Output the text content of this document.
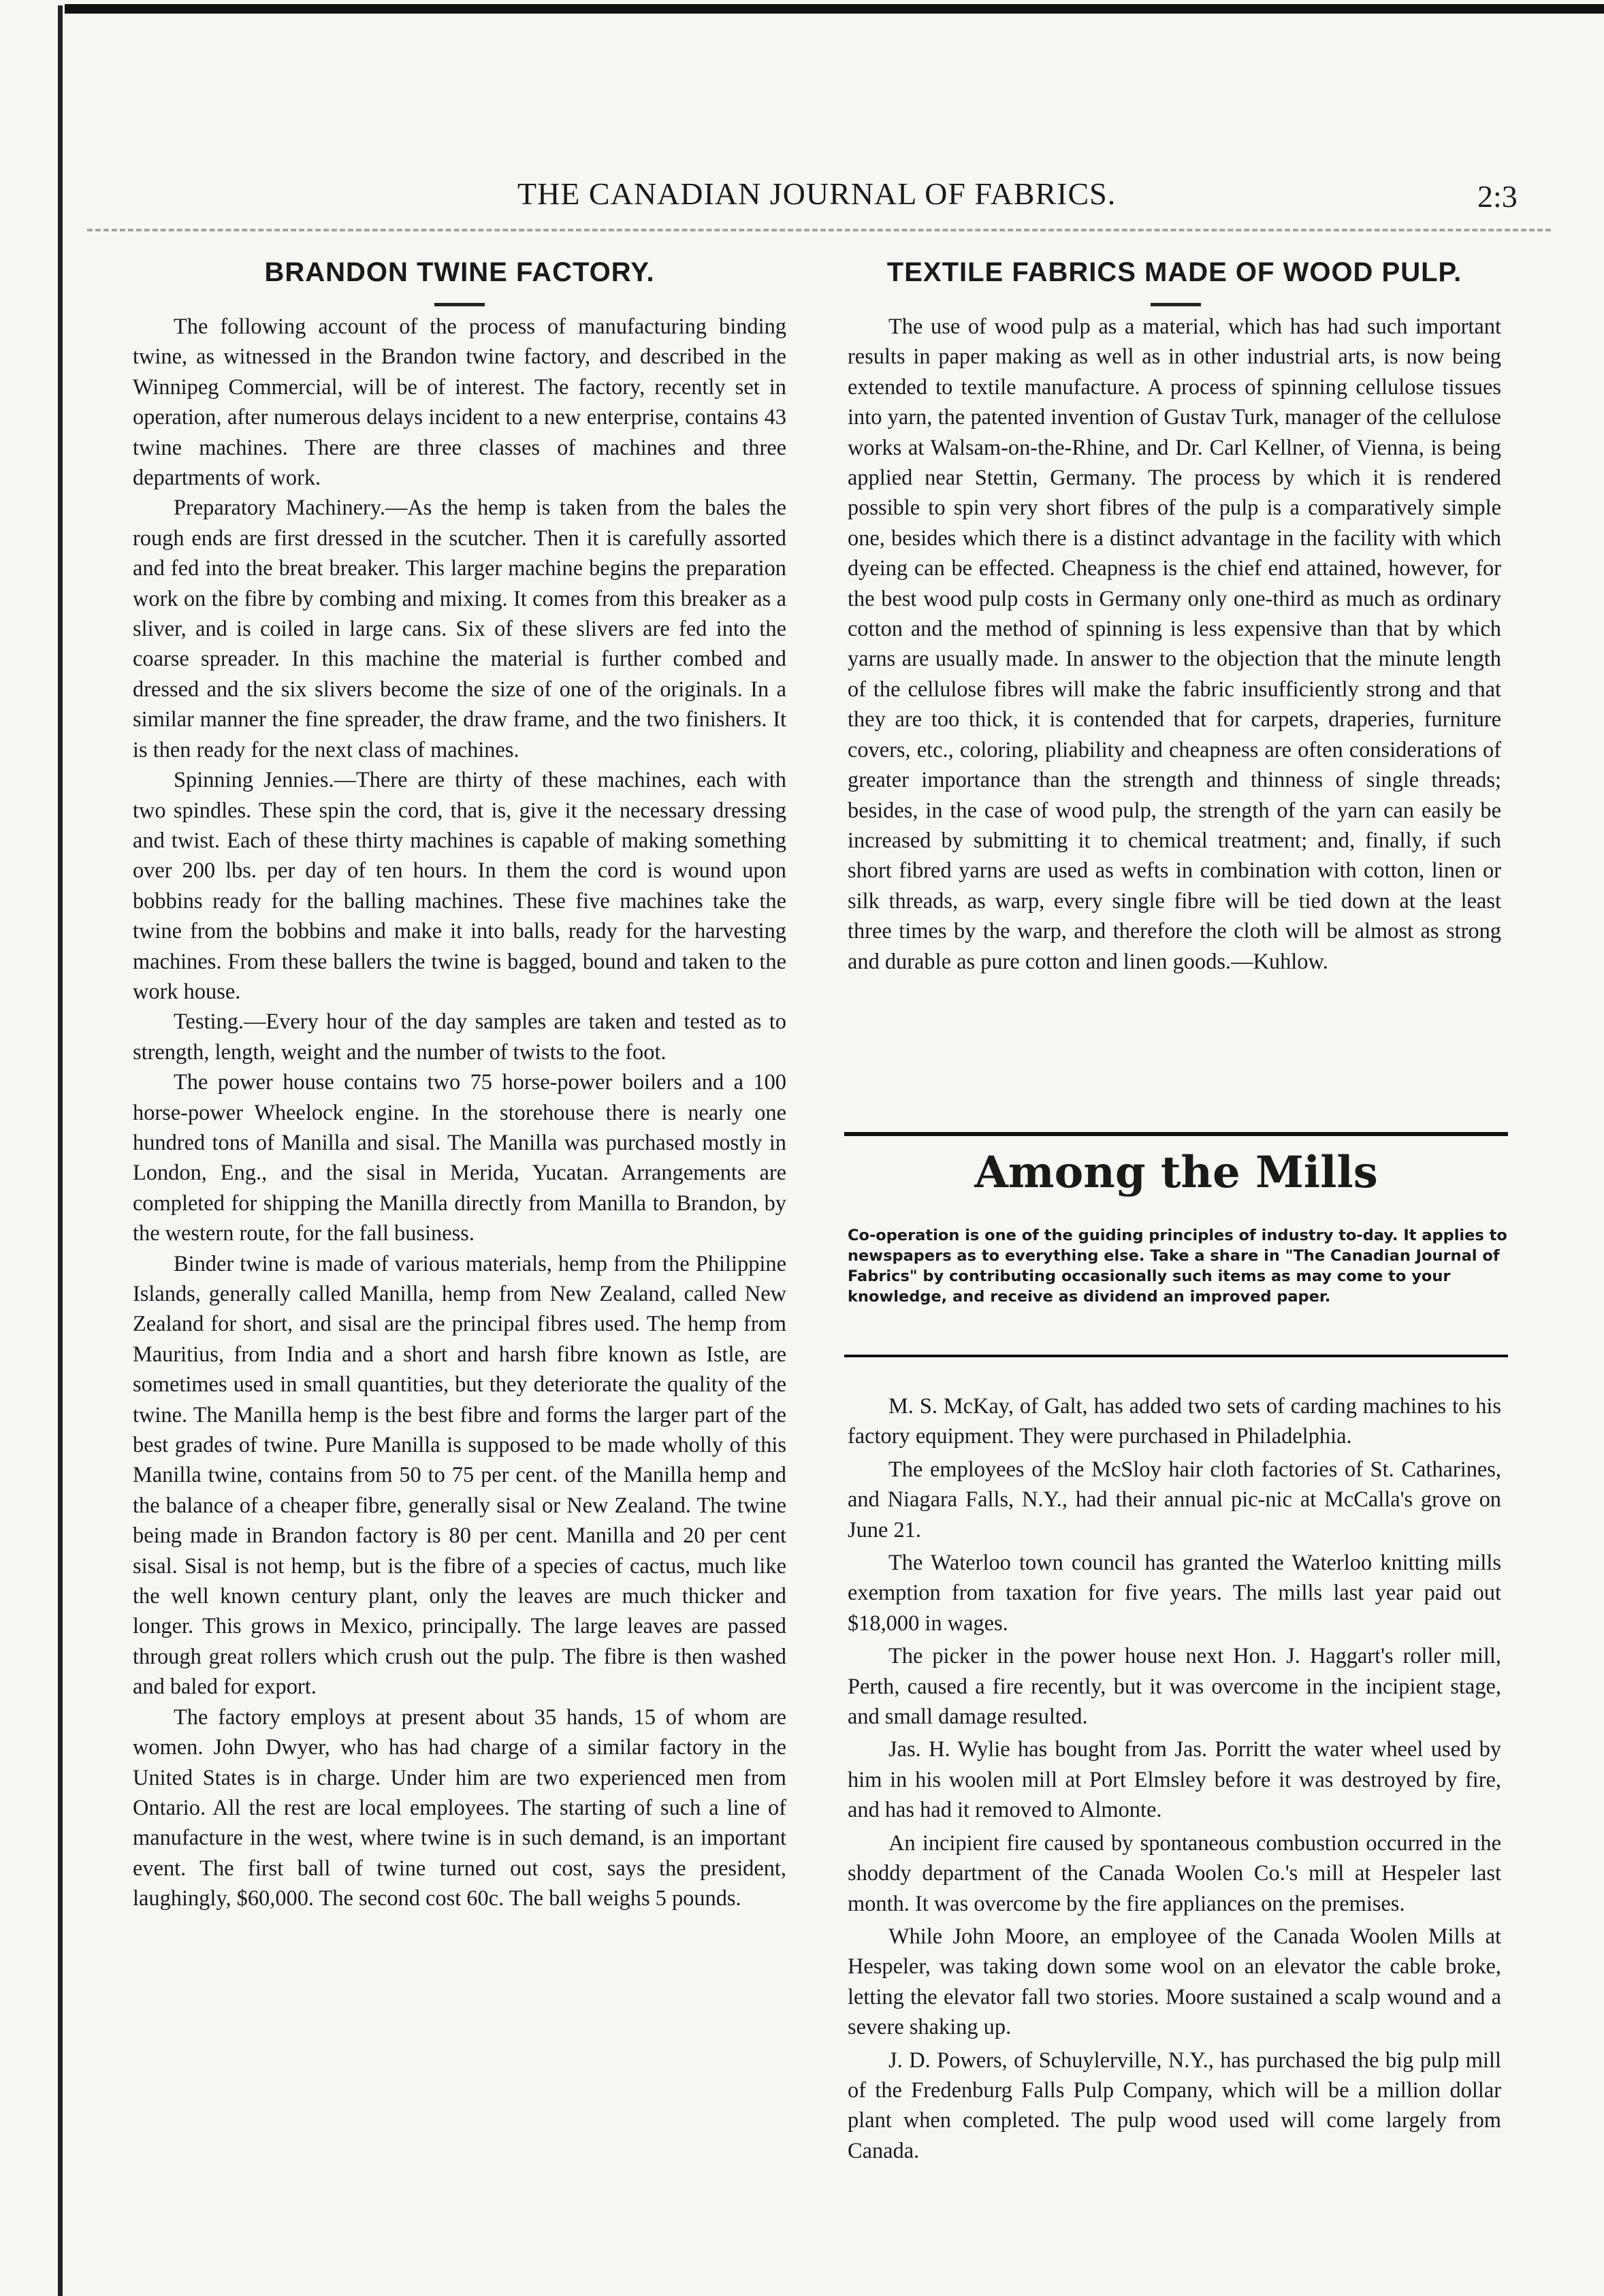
THE CANADIAN JOURNAL OF FABRICS.	2:3
BRANDON TWINE FACTORY.

The following account of the process of manufacturing binding twine, as witnessed in the Brandon twine factory, and described in the Winnipeg Commercial, will be of interest. The factory, recently set in operation, after numerous delays incident to a new enterprise, contains 43 twine machines. There are three classes of machines and three departments of work.

Preparatory Machinery.—As the hemp is taken from the bales the rough ends are first dressed in the scutcher. Then it is carefully assorted and fed into the breat breaker. This larger machine begins the preparation work on the fibre by combing and mixing. It comes from this breaker as a sliver, and is coiled in large cans. Six of these slivers are fed into the coarse spreader. In this machine the material is further combed and dressed and the six slivers become the size of one of the originals. In a similar manner the fine spreader, the draw frame, and the two finishers. It is then ready for the next class of machines.

Spinning Jennies.—There are thirty of these machines, each with two spindles. These spin the cord, that is, give it the necessary dressing and twist. Each of these thirty machines is capable of making something over 200 lbs. per day of ten hours. In them the cord is wound upon bobbins ready for the balling machines. These five machines take the twine from the bobbins and make it into balls, ready for the harvesting machines. From these ballers the twine is bagged, bound and taken to the work house.

Testing.—Every hour of the day samples are taken and tested as to strength, length, weight and the number of twists to the foot.

The power house contains two 75 horse-power boilers and a 100 horse-power Wheelock engine. In the storehouse there is nearly one hundred tons of Manilla and sisal. The Manilla was purchased mostly in London, Eng., and the sisal in Merida, Yucatan. Arrangements are completed for shipping the Manilla directly from Manilla to Brandon, by the western route, for the fall business.

Binder twine is made of various materials, hemp from the Philippine Islands, generally called Manilla, hemp from New Zealand, called New Zealand for short, and sisal are the principal fibres used. The hemp from Mauritius, from India and a short and harsh fibre known as Istle, are sometimes used in small quantities, but they deteriorate the quality of the twine. The Manilla hemp is the best fibre and forms the larger part of the best grades of twine. Pure Manilla is supposed to be made wholly of this Manilla twine, contains from 50 to 75 per cent. of the Manilla hemp and the balance of a cheaper fibre, generally sisal or New Zealand. The twine being made in Brandon factory is 80 per cent. Manilla and 20 per cent sisal. Sisal is not hemp, but is the fibre of a species of cactus, much like the well known century plant, only the leaves are much thicker and longer. This grows in Mexico, principally. The large leaves are passed through great rollers which crush out the pulp. The fibre is then washed and baled for export.

The factory employs at present about 35 hands, 15 of whom are women. John Dwyer, who has had charge of a similar factory in the United States is in charge. Under him are two experienced men from Ontario. All the rest are local employees. The starting of such a line of manufacture in the west, where twine is in such demand, is an important event. The first ball of twine turned out cost, says the president, laughingly, $60,000. The second cost 60c. The ball weighs 5 pounds.

TEXTILE FABRICS MADE OF WOOD PULP.

The use of wood pulp as a material, which has had such important results in paper making as well as in other industrial arts, is now being extended to textile manufacture. A process of spinning cellulose tissues into yarn, the patented invention of Gustav Turk, manager of the cellulose works at Walsam-on-the-Rhine, and Dr. Carl Kellner, of Vienna, is being applied near Stettin, Germany. The process by which it is rendered possible to spin very short fibres of the pulp is a comparatively simple one, besides which there is a distinct advantage in the facility with which dyeing can be effected. Cheapness is the chief end attained, however, for the best wood pulp costs in Germany only one-third as much as ordinary cotton and the method of spinning is less expensive than that by which yarns are usually made. In answer to the objection that the minute length of the cellulose fibres will make the fabric insufficiently strong and that they are too thick, it is contended that for carpets, draperies, furniture covers, etc., coloring, pliability and cheapness are often considerations of greater importance than the strength and thinness of single threads; besides, in the case of wood pulp, the strength of the yarn can easily be increased by submitting it to chemical treatment; and, finally, if such short fibred yarns are used as wefts in combination with cotton, linen or silk threads, as warp, every single fibre will be tied down at the least three times by the warp, and therefore the cloth will be almost as strong and durable as pure cotton and linen goods.—Kuhlow.

Among the Mills

Co-operation is one of the guiding principles of industry to-day. It applies to newspapers as to everything else. Take a share in "The Canadian Journal of Fabrics" by contributing occasionally such items as may come to your knowledge, and receive as dividend an improved paper.

M. S. McKay, of Galt, has added two sets of carding machines to his factory equipment. They were purchased in Philadelphia.

The employees of the McSloy hair cloth factories of St. Catharines, and Niagara Falls, N.Y., had their annual pic-nic at McCalla's grove on June 21.

The Waterloo town council has granted the Waterloo knitting mills exemption from taxation for five years. The mills last year paid out $18,000 in wages.

The picker in the power house next Hon. J. Haggart's roller mill, Perth, caused a fire recently, but it was overcome in the incipient stage, and small damage resulted.

Jas. H. Wylie has bought from Jas. Porritt the water wheel used by him in his woolen mill at Port Elmsley before it was destroyed by fire, and has had it removed to Almonte.

An incipient fire caused by spontaneous combustion occurred in the shoddy department of the Canada Woolen Co.'s mill at Hespeler last month. It was overcome by the fire appliances on the premises.

While John Moore, an employee of the Canada Woolen Mills at Hespeler, was taking down some wool on an elevator the cable broke, letting the elevator fall two stories. Moore sustained a scalp wound and a severe shaking up.

J. D. Powers, of Schuylerville, N.Y., has purchased the big pulp mill of the Fredenburg Falls Pulp Company, which will be a million dollar plant when completed. The pulp wood used will come largely from Canada.
